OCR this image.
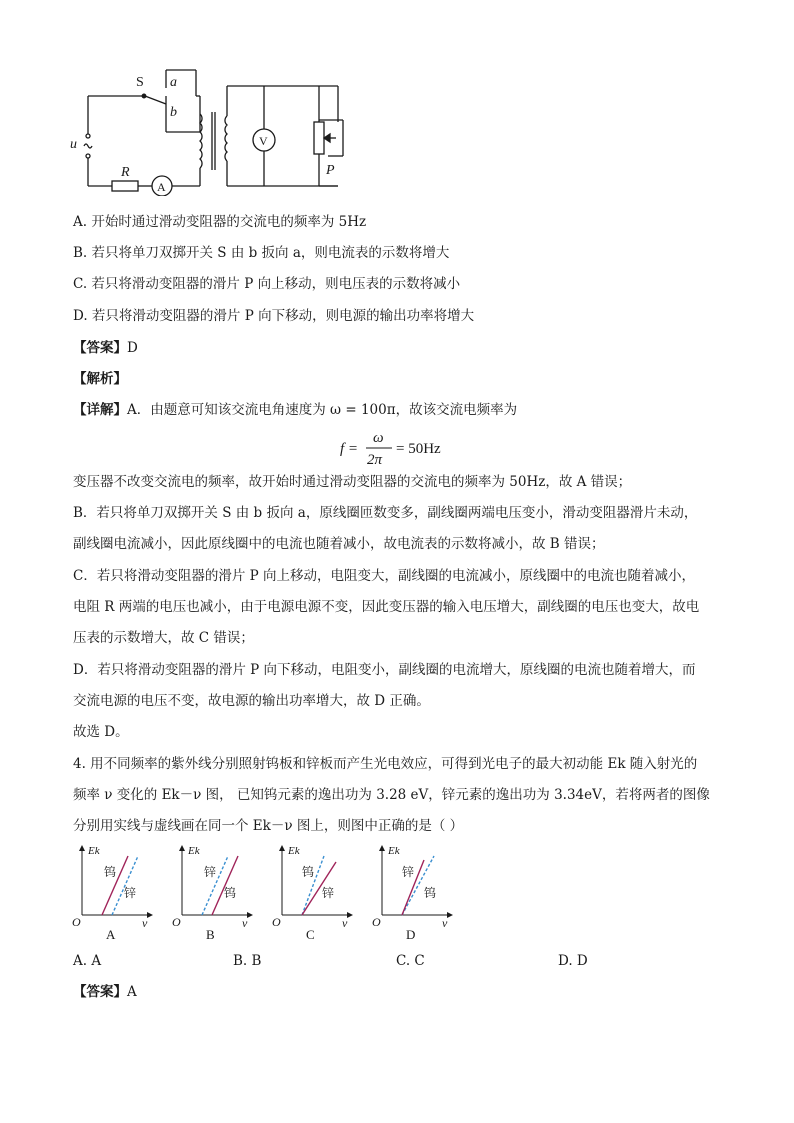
S a
b
u
R
A
V
P
A. 开始时通过滑动变阻器的交流电的频率为 5Hz
B. 若只将单刀双掷开关 S 由 b 扳向 a，则电流表的示数将增大
C. 若只将滑动变阻器的滑片 P 向上移动，则电压表的示数将减小
D. 若只将滑动变阻器的滑片 P 向下移动，则电源的输出功率将增大
【答案】D
【解析】
【详解】A．由题意可知该交流电角速度为 ω = 100π，故该交流电频率为
f =
ω
2π
= 50Hz
变压器不改变交流电的频率，故开始时通过滑动变阻器的交流电的频率为 50Hz，故 A 错误；
B．若只将单刀双掷开关 S 由 b 扳向 a，原线圈匝数变多，副线圈两端电压变小，滑动变阻器滑片未动，
副线圈电流减小，因此原线圈中的电流也随着减小，故电流表的示数将减小，故 B 错误；
C．若只将滑动变阻器的滑片 P 向上移动，电阻变大，副线圈的电流减小，原线圈中的电流也随着减小，
电阻 R 两端的电压也减小，由于电源电源不变，因此变压器的输入电压增大，副线圈的电压也变大，故电
压表的示数增大，故 C 错误；
D．若只将滑动变阻器的滑片 P 向下移动，电阻变小，副线圈的电流增大，原线圈的电流也随着增大，而
交流电源的电压不变，故电源的输出功率增大，故 D 正确。
故选 D。
4. 用不同频率的紫外线分别照射钨板和锌板而产生光电效应，可得到光电子的最大初动能 Ek 随入射光的
频率 ν 变化的 Ek－ν 图， 已知钨元素的逸出功为 3.28 eV，锌元素的逸出功为 3.34eV，若将两者的图像
分别用实线与虚线画在同一个 Ek－ν 图上，则图中正确的是（ ）
Ek
O	ν
钨
锌
A
Ek
O	ν
锌
钨
B
Ek
O	ν
钨
锌
C
Ek
O	ν
锌
钨
D
A. A	B. B	C. C	D. D
【答案】A
